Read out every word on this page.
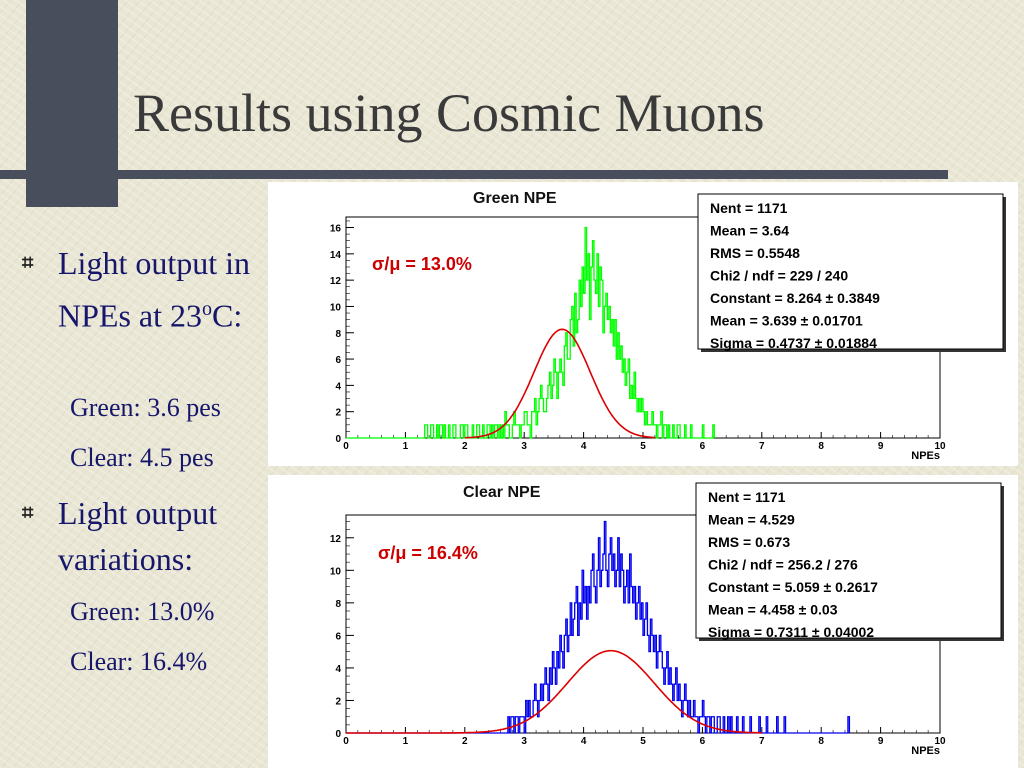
Results using Cosmic Muons
⌗ Light output in NPEs at 23$^o$C:
Green: 3.6 pes
Clear: 4.5 pes
⌗ Light output variations:
Green: 13.0%
Clear: 16.4%
0	1	2	3	4	5	6	7	8	9	10
0
2
4
6
8
10
12
14
16
Green NPE
NPEs
σ/μ = 13.0%
Nent = 1171
Mean = 3.64
RMS = 0.5548
Chi2 / ndf = 229 / 240
Constant = 8.264 ± 0.3849
Mean = 3.639 ± 0.01701
Sigma = 0.4737 ± 0.01884
0	1	2	3	4	5	6	7	8	9	10
0
2
4
6
8
10
12
Clear NPE
NPEs
σ/μ = 16.4%
Nent = 1171
Mean = 4.529
RMS = 0.673
Chi2 / ndf = 256.2 / 276
Constant = 5.059 ± 0.2617
Mean = 4.458 ± 0.03
Sigma = 0.7311 ± 0.04002
